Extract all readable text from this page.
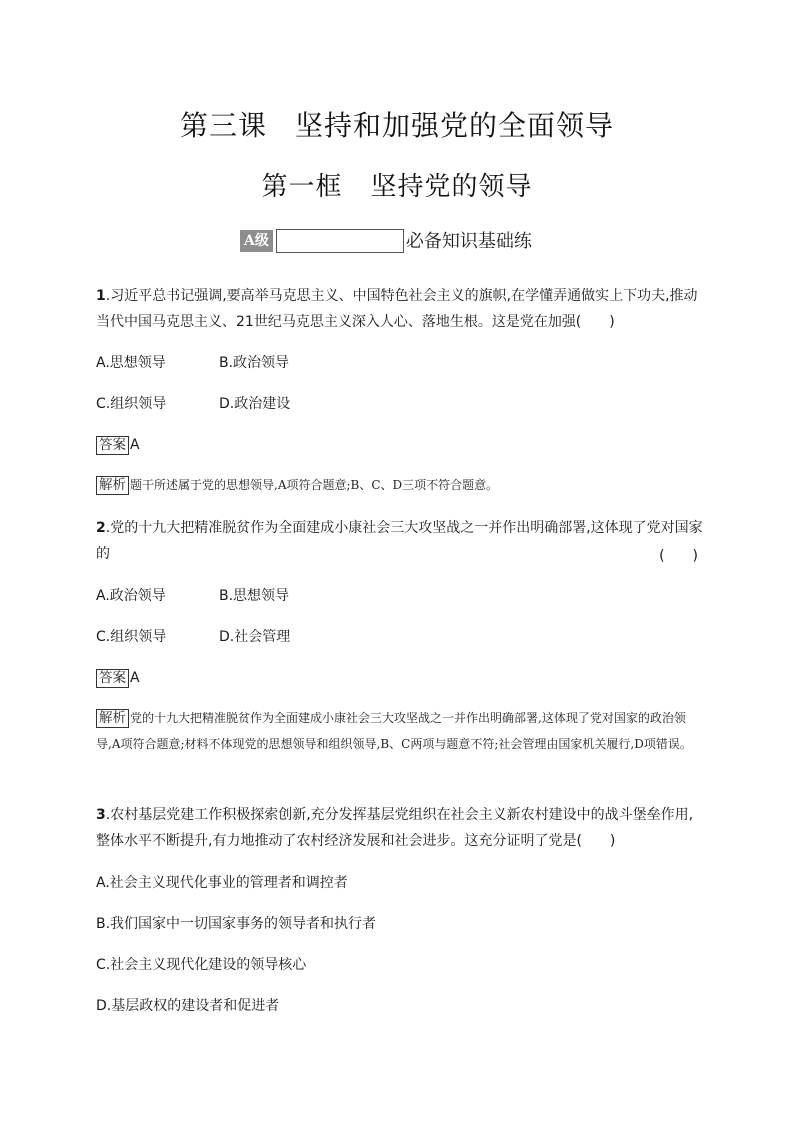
第三课 坚持和加强党的全面领导
第一框 坚持党的领导
A级	必备知识基础练
1.习近平总书记强调,要高举马克思主义、中国特色社会主义的旗帜,在学懂弄通做实上下功夫,推动当代中国马克思主义、21世纪马克思主义深入人心、落地生根。这是党在加强(　　)
A.思想领导	B.政治领导
C.组织领导	D.政治建设
答案 A
解析 题干所述属于党的思想领导,A项符合题意;B、C、D三项不符合题意。
2.党的十九大把精准脱贫作为全面建成小康社会三大攻坚战之一并作出明确部署,这体现了党对国家的	(　　)
A.政治领导	B.思想领导
C.组织领导	D.社会管理
答案 A
解析 党的十九大把精准脱贫作为全面建成小康社会三大攻坚战之一并作出明确部署,这体现了党对国家的政治领导,A项符合题意;材料不体现党的思想领导和组织领导,B、C两项与题意不符;社会管理由国家机关履行,D项错误。
3.农村基层党建工作积极探索创新,充分发挥基层党组织在社会主义新农村建设中的战斗堡垒作用,整体水平不断提升,有力地推动了农村经济发展和社会进步。这充分证明了党是(　　)
A.社会主义现代化事业的管理者和调控者
B.我们国家中一切国家事务的领导者和执行者
C.社会主义现代化建设的领导核心
D.基层政权的建设者和促进者
